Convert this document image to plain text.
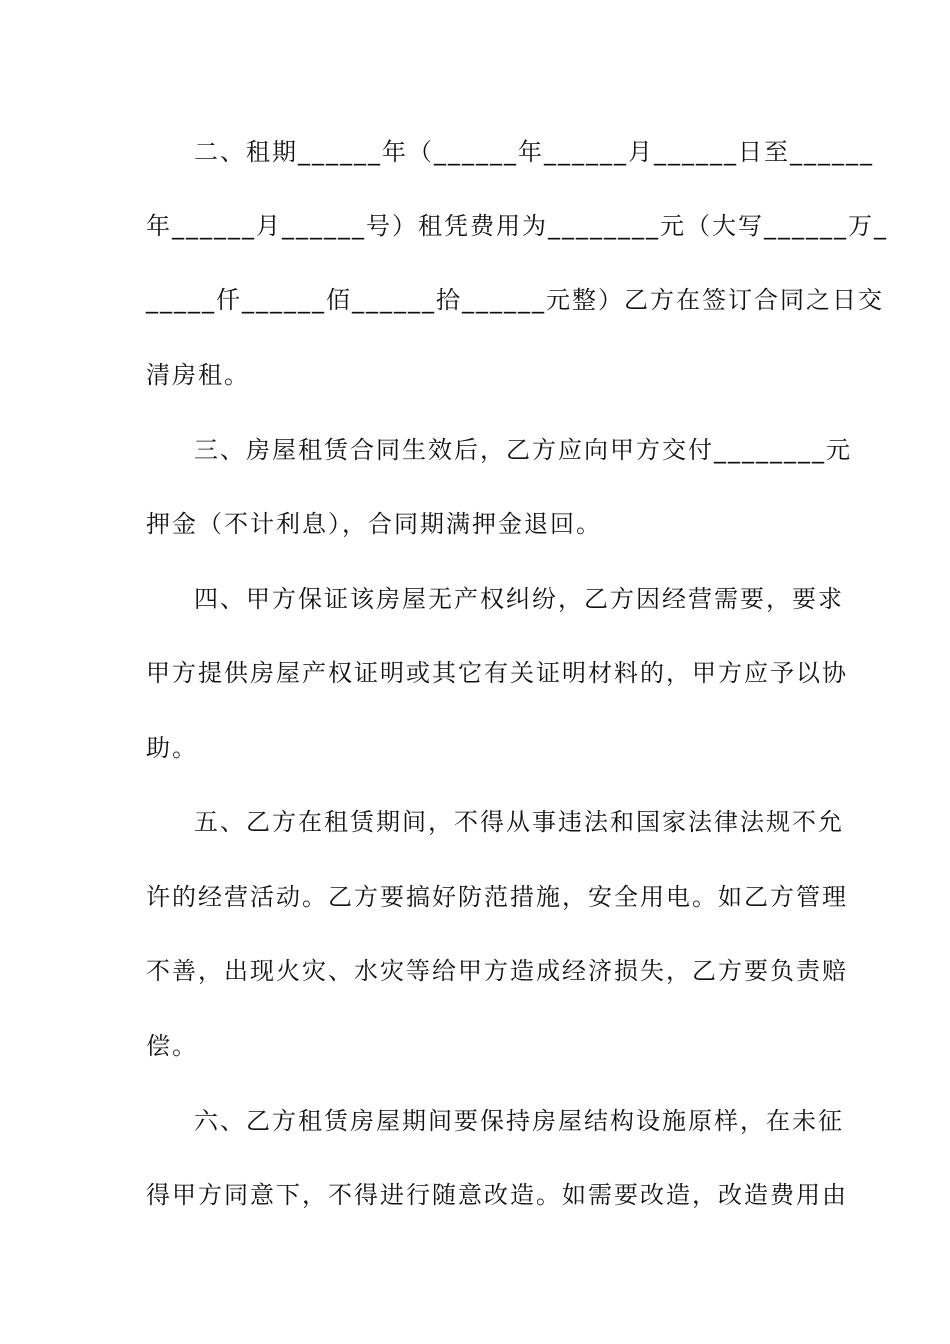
二、租期______年（______年______月______日至______
年______月______号）租凭费用为________元（大写______万_
_____仟______佰______拾______元整）乙方在签订合同之日交
清房租。
三、房屋租赁合同生效后，乙方应向甲方交付________元
押金（不计利息），合同期满押金退回。
四、甲方保证该房屋无产权纠纷，乙方因经营需要，要求
甲方提供房屋产权证明或其它有关证明材料的，甲方应予以协
助。
五、乙方在租赁期间，不得从事违法和国家法律法规不允
许的经营活动。乙方要搞好防范措施，安全用电。如乙方管理
不善，出现火灾、水灾等给甲方造成经济损失，乙方要负责赔
偿。
六、乙方租赁房屋期间要保持房屋结构设施原样，在未征
得甲方同意下，不得进行随意改造。如需要改造，改造费用由
